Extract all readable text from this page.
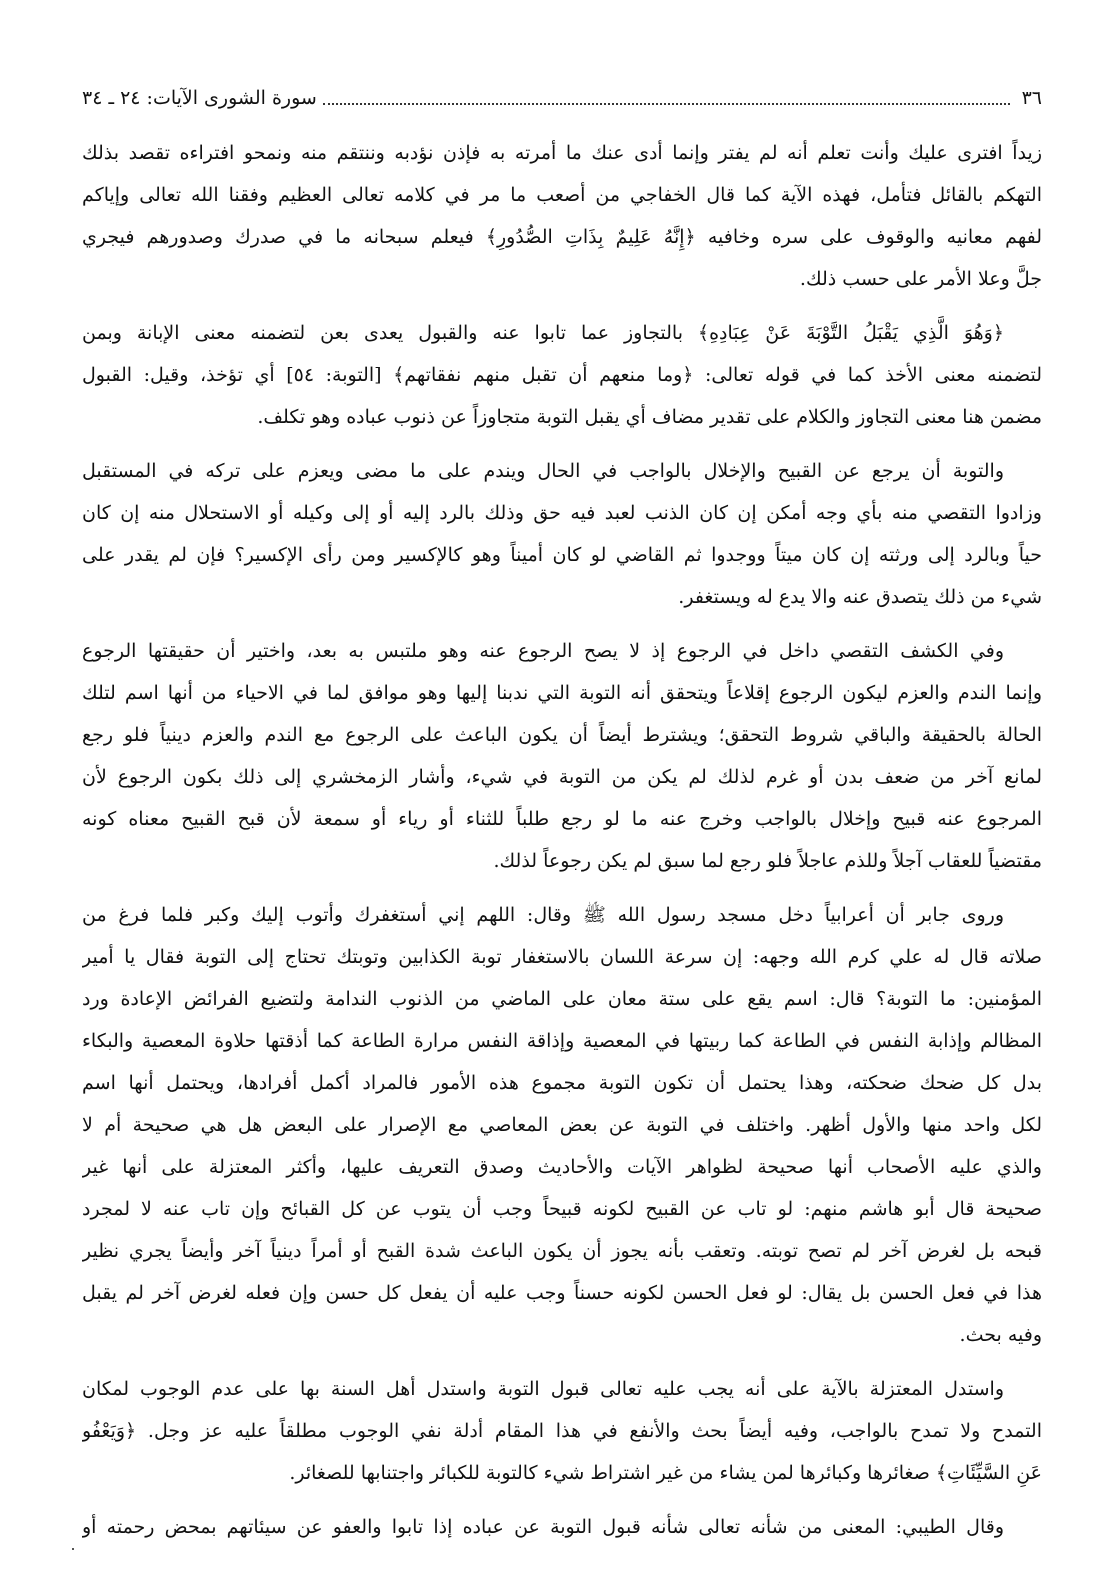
٣٦
سورة الشورى الآيات: ٢٤ ـ ٣٤
زيداً افترى عليك وأنت تعلم أنه لم يفتر وإنما أدى عنك ما أمرته به فإذن نؤدبه وننتقم منه ونمحو افتراءه تقصد بذلك
التهكم بالقائل فتأمل، فهذه الآية كما قال الخفاجي من أصعب ما مر في كلامه تعالى العظيم وفقنا الله تعالى وإياكم
لفهم معانيه والوقوف على سره وخافيه ﴿إِنَّهُ عَلِيمٌ بِذَاتِ الصُّدُورِ﴾ فيعلم سبحانه ما في صدرك وصدورهم فيجري
جلَّ وعلا الأمر على حسب ذلك.
﴿وَهُوَ الَّذِي يَقْبَلُ التَّوْبَةَ عَنْ عِبَادِهِ﴾ بالتجاوز عما تابوا عنه والقبول يعدى بعن لتضمنه معنى الإبانة وبمن
لتضمنه معنى الأخذ كما في قوله تعالى: ﴿وما منعهم أن تقبل منهم نفقاتهم﴾ [التوبة: ٥٤] أي تؤخذ، وقيل: القبول
مضمن هنا معنى التجاوز والكلام على تقدير مضاف أي يقبل التوبة متجاوزاً عن ذنوب عباده وهو تكلف.
والتوبة أن يرجع عن القبيح والإخلال بالواجب في الحال ويندم على ما مضى ويعزم على تركه في المستقبل
وزادوا التقصي منه بأي وجه أمكن إن كان الذنب لعبد فيه حق وذلك بالرد إليه أو إلى وكيله أو الاستحلال منه إن كان
حياً وبالرد إلى ورثته إن كان ميتاً ووجدوا ثم القاضي لو كان أميناً وهو كالإكسير ومن رأى الإكسير؟ فإن لم يقدر على
شيء من ذلك يتصدق عنه والا يدع له ويستغفر.
وفي الكشف التقصي داخل في الرجوع إذ لا يصح الرجوع عنه وهو ملتبس به بعد، واختير أن حقيقتها الرجوع
وإنما الندم والعزم ليكون الرجوع إقلاعاً ويتحقق أنه التوبة التي ندبنا إليها وهو موافق لما في الاحياء من أنها اسم لتلك
الحالة بالحقيقة والباقي شروط التحقق؛ ويشترط أيضاً أن يكون الباعث على الرجوع مع الندم والعزم دينياً فلو رجع
لمانع آخر من ضعف بدن أو غرم لذلك لم يكن من التوبة في شيء، وأشار الزمخشري إلى ذلك بكون الرجوع لأن
المرجوع عنه قبيح وإخلال بالواجب وخرج عنه ما لو رجع طلباً للثناء أو رياء أو سمعة لأن قبح القبيح معناه كونه
مقتضياً للعقاب آجلاً وللذم عاجلاً فلو رجع لما سبق لم يكن رجوعاً لذلك.
وروى جابر أن أعرابياً دخل مسجد رسول الله ﷺ وقال: اللهم إني أستغفرك وأتوب إليك وكبر فلما فرغ من
صلاته قال له علي كرم الله وجهه: إن سرعة اللسان بالاستغفار توبة الكذابين وتوبتك تحتاج إلى التوبة فقال يا أمير
المؤمنين: ما التوبة؟ قال: اسم يقع على ستة معان على الماضي من الذنوب الندامة ولتضيع الفرائض الإعادة ورد
المظالم وإذابة النفس في الطاعة كما ربيتها في المعصية وإذاقة النفس مرارة الطاعة كما أذقتها حلاوة المعصية والبكاء
بدل كل ضحك ضحكته، وهذا يحتمل أن تكون التوبة مجموع هذه الأمور فالمراد أكمل أفرادها، ويحتمل أنها اسم
لكل واحد منها والأول أظهر. واختلف في التوبة عن بعض المعاصي مع الإصرار على البعض هل هي صحيحة أم لا
والذي عليه الأصحاب أنها صحيحة لظواهر الآيات والأحاديث وصدق التعريف عليها، وأكثر المعتزلة على أنها غير
صحيحة قال أبو هاشم منهم: لو تاب عن القبيح لكونه قبيحاً وجب أن يتوب عن كل القبائح وإن تاب عنه لا لمجرد
قبحه بل لغرض آخر لم تصح توبته. وتعقب بأنه يجوز أن يكون الباعث شدة القبح أو أمراً دينياً آخر وأيضاً يجري نظير
هذا في فعل الحسن بل يقال: لو فعل الحسن لكونه حسناً وجب عليه أن يفعل كل حسن وإن فعله لغرض آخر لم يقبل
وفيه بحث.
واستدل المعتزلة بالآية على أنه يجب عليه تعالى قبول التوبة واستدل أهل السنة بها على عدم الوجوب لمكان
التمدح ولا تمدح بالواجب، وفيه أيضاً بحث والأنفع في هذا المقام أدلة نفي الوجوب مطلقاً عليه عز وجل. ﴿وَيَعْفُو
عَنِ السَّيِّئَاتِ﴾ صغائرها وكبائرها لمن يشاء من غير اشتراط شيء كالتوبة للكبائر واجتنابها للصغائر.
وقال الطيبي: المعنى من شأنه تعالى شأنه قبول التوبة عن عباده إذا تابوا والعفو عن سيئاتهم بمحض رحمته أو
